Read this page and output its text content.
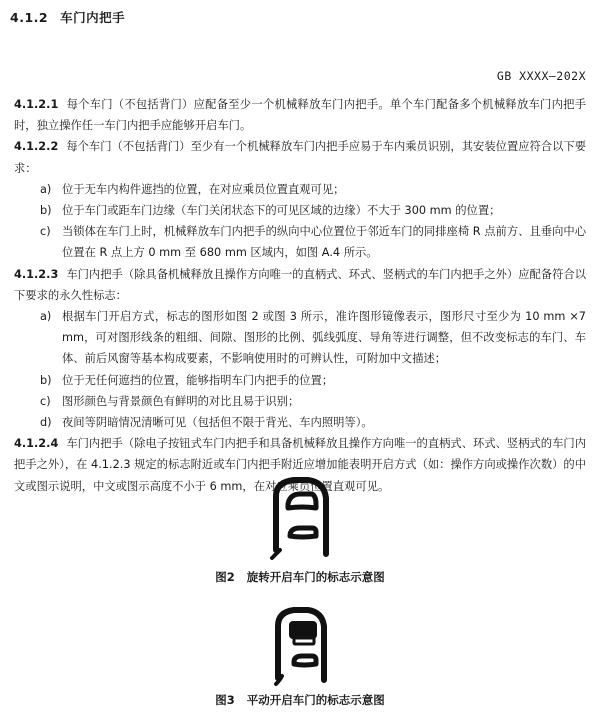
4.1.2 车门内把手
GB XXXX—202X

4.1.2.1 每个车门（不包括背门）应配备至少一个机械释放车门内把手。单个车门配备多个机械释放车门内把手时，独立操作任一车门内把手应能够开启车门。

4.1.2.2 每个车门（不包括背门）至少有一个机械释放车门内把手应易于车内乘员识别，其安装位置应符合以下要求：

a) 位于无车内构件遮挡的位置，在对应乘员位置直观可见；

b) 位于车门或距车门边缘（车门关闭状态下的可见区域的边缘）不大于 300 mm 的位置；

c) 当锁体在车门上时，机械释放车门内把手的纵向中心位置位于邻近车门的同排座椅 R 点前方、且垂向中心位置在 R 点上方 0 mm 至 680 mm 区域内，如图 A.4 所示。

4.1.2.3 车门内把手（除具备机械释放且操作方向唯一的直柄式、环式、竖柄式的车门内把手之外）应配备符合以下要求的永久性标志：

a) 根据车门开启方式，标志的图形如图 2 或图 3 所示，准许图形镜像表示，图形尺寸至少为 10 mm ×7 mm，可对图形线条的粗细、间隙、图形的比例、弧线弧度、导角等进行调整，但不改变标志的车门、车体、前后风窗等基本构成要素，不影响使用时的可辨认性，可附加中文描述；

b) 位于无任何遮挡的位置，能够指明车门内把手的位置；

c) 图形颜色与背景颜色有鲜明的对比且易于识别；

d) 夜间等阴暗情况清晰可见（包括但不限于背光、车内照明等）。

4.1.2.4 车门内把手（除电子按钮式车门内把手和具备机械释放且操作方向唯一的直柄式、环式、竖柄式的车门内把手之外），在 4.1.2.3 规定的标志附近或车门内把手附近应增加能表明开启方式（如：操作方向或操作次数）的中文或图示说明，中文或图示高度不小于 6 mm，在对应乘员位置直观可见。

图2 旋转开启车门的标志示意图
图3 平动开启车门的标志示意图
